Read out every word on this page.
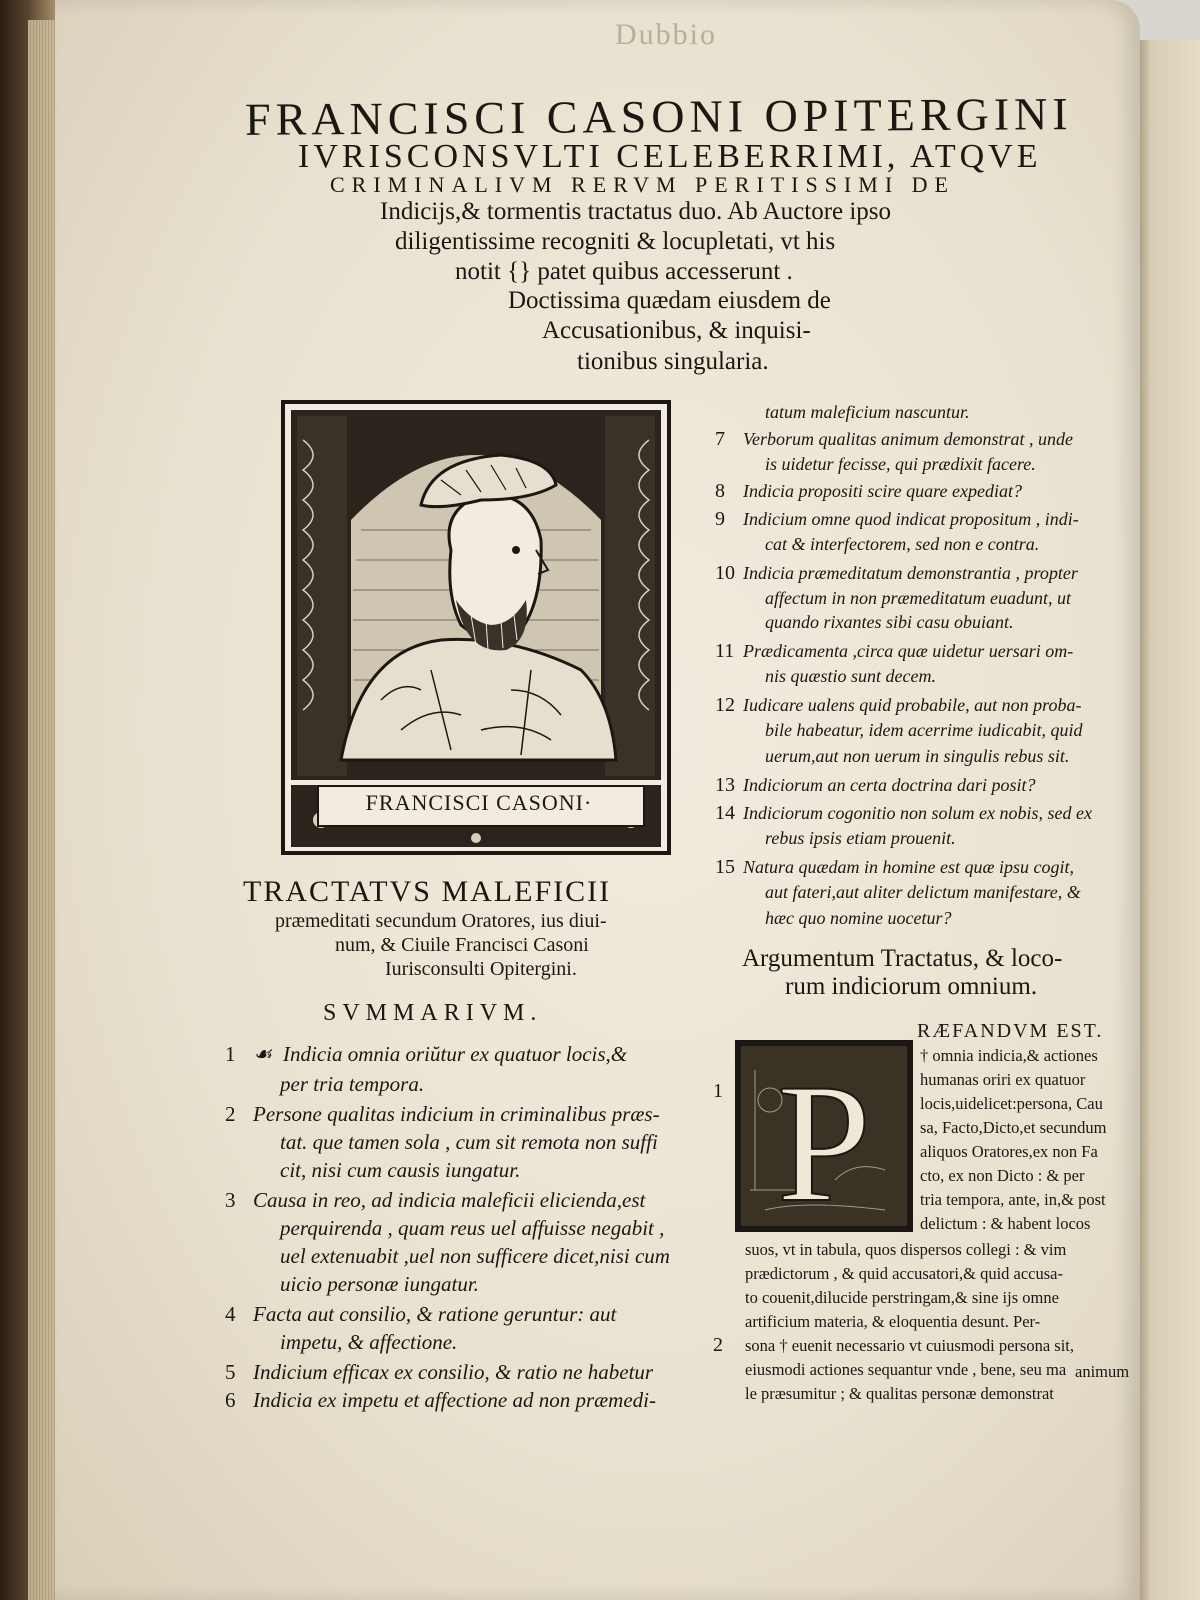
Dubbio
FRANCISCI CASONI OPITERGINI
IVRISCONSVLTI CELEBERRIMI, ATQVE
CRIMINALIVM RERVM PERITISSIMI DE
Indicijs,& tormentis tractatus duo. Ab Auctore ipso
diligentissime recogniti & locupletati, vt his
notit {} patet quibus accesserunt .
Doctissima quædam eiusdem de
Accusationibus, & inquisi-
tionibus singularia.
FRANCISCI CASONI·
TRACTATVS MALEFICII
præmeditati secundum Oratores, ius diui-
num, & Ciuile Francisci Casoni
Iurisconsulti Opitergini.
SVMMARIVM.
1 ☙ Indicia omnia oriŭtur ex quatuor locis,&
per tria tempora.
2 Persone qualitas indicium in criminalibus præs-
tat. que tamen sola , cum sit remota non suffi
cit, nisi cum causis iungatur.
3 Causa in reo, ad indicia maleficii elicienda,est
perquirenda , quam reus uel affuisse negabit ,
uel extenuabit ,uel non sufficere dicet,nisi cum
uicio personæ iungatur.
4 Facta aut consilio, & ratione geruntur: aut
impetu, & affectione.
5 Indicium efficax ex consilio, & ratio ne habetur
6 Indicia ex impetu et affectione ad non præmedi-
tatum maleficium nascuntur.
7 Verborum qualitas animum demonstrat , unde
is uidetur fecisse, qui prædixit facere.
8 Indicia propositi scire quare expediat?
9 Indicium omne quod indicat propositum , indi-
cat & interfectorem, sed non e contra.
10 Indicia præmeditatum demonstrantia , propter
affectum in non præmeditatum euadunt, ut
quando rixantes sibi casu obuiant.
11 Prædicamenta ,circa quæ uidetur uersari om-
nis quæstio sunt decem.
12 Iudicare ualens quid probabile, aut non proba-
bile habeatur, idem acerrime iudicabit, quid
uerum,aut non uerum in singulis rebus sit.
13 Indiciorum an certa doctrina dari posit?
14 Indiciorum cogonitio non solum ex nobis, sed ex
rebus ipsis etiam prouenit.
15 Natura quædam in homine est quæ ipsu cogit,
aut fateri,aut aliter delictum manifestare, &
hæc quo nomine uocetur?
Argumentum Tractatus, & loco-
rum indiciorum omnium.
P
1
RÆFANDVM EST.
† omnia indicia,& actiones
humanas oriri ex quatuor
locis,uidelicet:persona, Cau
sa, Facto,Dicto,et secundum
aliquos Oratores,ex non Fa
cto, ex non Dicto : & per
tria tempora, ante, in,& post
delictum : & habent locos
suos, vt in tabula, quos dispersos collegi : & vim
prædictorum , & quid accusatori,& quid accusa-
to couenit,dilucide perstringam,& sine ijs omne
artificium materia, & eloquentia desunt. Per-
2 sona † euenit necessario vt cuiusmodi persona sit,
eiusmodi actiones sequantur vnde , bene, seu ma
le præsumitur ; & qualitas personæ demonstrat
animum
